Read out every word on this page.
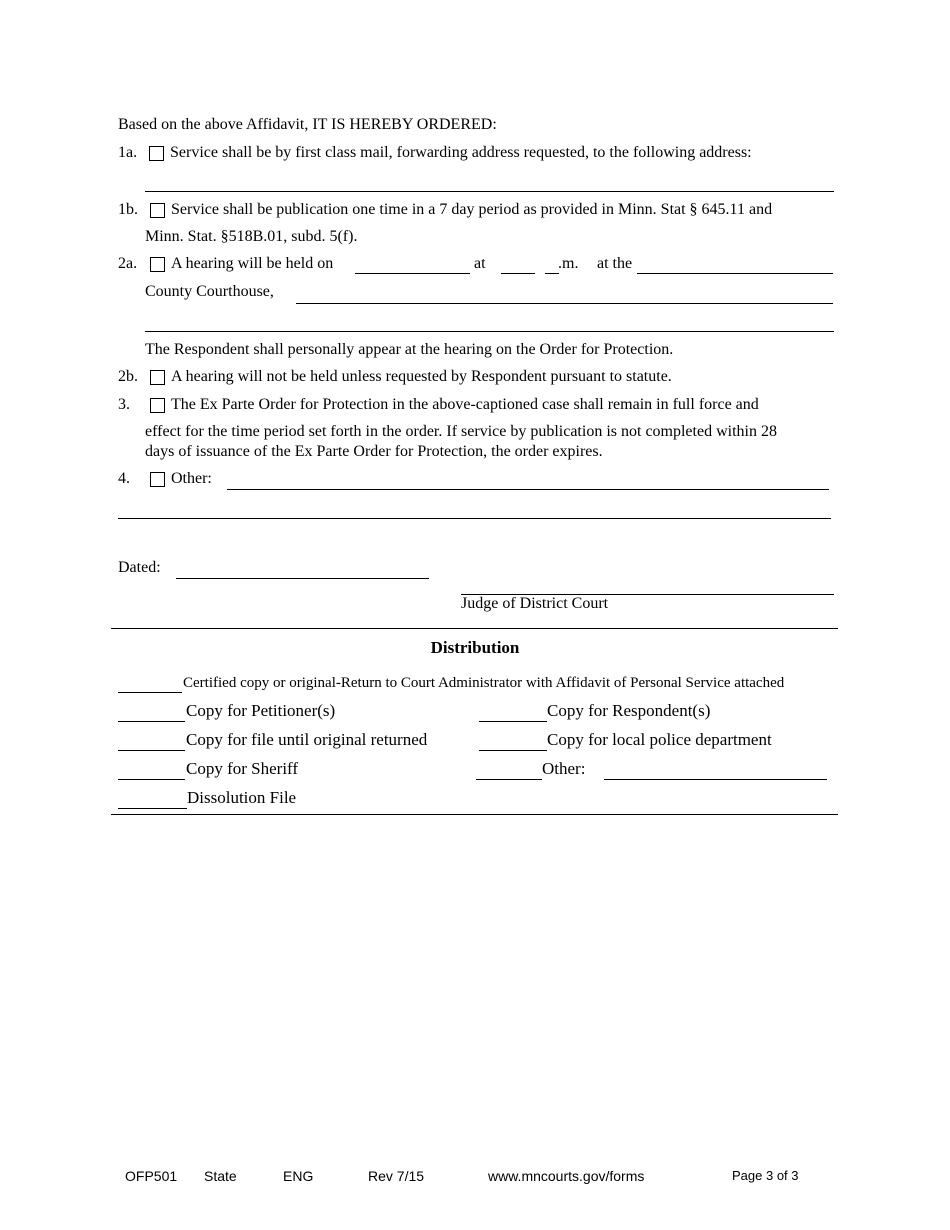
Based on the above Affidavit, IT IS HEREBY ORDERED:
1a. Service shall be by first class mail, forwarding address requested, to the following address:
1b. Service shall be publication one time in a 7 day period as provided in Minn. Stat § 645.11 and
Minn. Stat. §518B.01, subd. 5(f).
2a. A hearing will be held on	at	.m. at the
County Courthouse,
The Respondent shall personally appear at the hearing on the Order for Protection.
2b. A hearing will not be held unless requested by Respondent pursuant to statute.
3.	The Ex Parte Order for Protection in the above-captioned case shall remain in full force and
effect for the time period set forth in the order. If service by publication is not completed within 28
days of issuance of the Ex Parte Order for Protection, the order expires.
4.	Other:
Dated:
Judge of District Court
Distribution
Certified copy or original-Return to Court Administrator with Affidavit of Personal Service attached
Copy for Petitioner(s)	Copy for Respondent(s)
Copy for file until original returned	Copy for local police department
Copy for Sheriff	Other:
Dissolution File
OFP501 State	ENG	Rev 7/15	www.mncourts.gov/forms	Page 3 of 3
